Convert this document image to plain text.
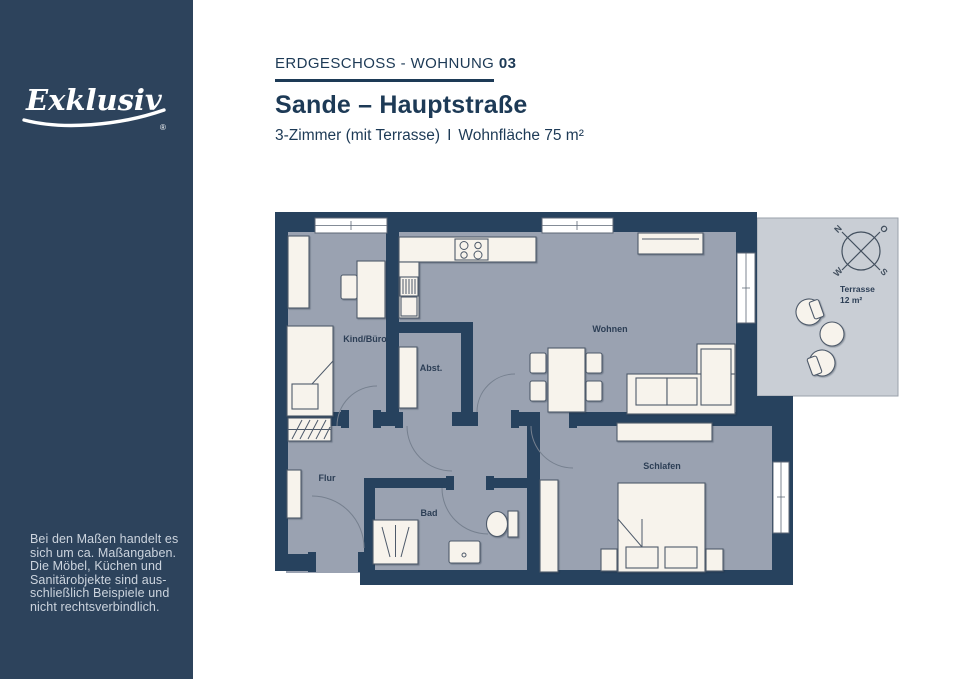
Exklusiv
®
Bei den Maßen handelt es
sich um ca. Maßangaben.
Die Möbel, Küchen und
Sanitärobjekte sind aus-
schließlich Beispiele und
nicht rechtsverbindlich.
ERDGESCHOSS - WOHNUNG 03
Sande – Hauptstraße
3-Zimmer (mit Terrasse) I Wohnfläche 75 m²
Kind/Büro
Abst.
Wohnen
Flur
Bad
Schlafen
Terrasse
12 m²
N	O
W	S
